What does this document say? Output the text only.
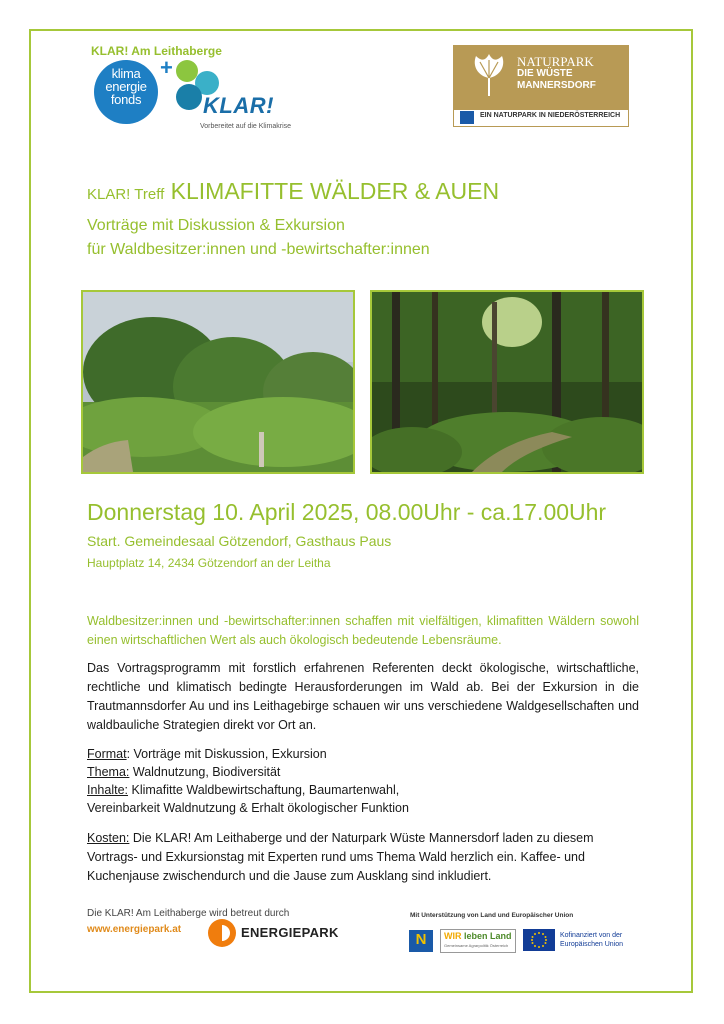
KLAR! Am Leithaberge
klima
energie
fonds
+
KLAR!
Vorbereitet auf die Klimakrise
NATURPARK
DIE WÜSTE
MANNERSDORF
EIN NATURPARK IN NIEDERÖSTERREICH
KLAR! Treff KLIMAFITTE WÄLDER & AUEN
Vorträge mit Diskussion & Exkursion
für Waldbesitzer:innen und -bewirtschafter:innen
Donnerstag 10. April 2025, 08.00Uhr - ca.17.00Uhr
Start. Gemeindesaal Götzendorf, Gasthaus Paus
Hauptplatz 14, 2434 Götzendorf an der Leitha
Waldbesitzer:innen und -bewirtschafter:innen schaffen mit vielfältigen, klimafitten Wäldern sowohl einen wirtschaftlichen Wert als auch ökologisch bedeutende Lebensräume.
Das Vortragsprogramm mit forstlich erfahrenen Referenten deckt ökologische, wirtschaftliche, rechtliche und klimatisch bedingte Herausforderungen im Wald ab. Bei der Exkursion in die Trautmannsdorfer Au und ins Leithagebirge schauen wir uns verschiedene Waldgesellschaften und waldbauliche Strategien direkt vor Ort an.
Format: Vorträge mit Diskussion, Exkursion
Thema: Waldnutzung, Biodiversität
Inhalte: Klimafitte Waldbewirtschaftung, Baumartenwahl,
Vereinbarkeit Waldnutzung & Erhalt ökologischer Funktion
Kosten: Die KLAR! Am Leithaberge und der Naturpark Wüste Mannersdorf laden zu diesem Vortrags- und Exkursionstag mit Experten rund ums Thema Wald herzlich ein. Kaffee- und Kuchenjause zwischendurch und die Jause zum Ausklang sind inkludiert.
Die KLAR! Am Leithaberge wird betreut durch
www.energiepark.at	ENERGIEPARK
Mit Unterstützung von Land und Europäischer Union
N	WIR leben Land
Gemeinsame Agrarpolitik Österreich
Kofinanziert von der
Europäischen Union
